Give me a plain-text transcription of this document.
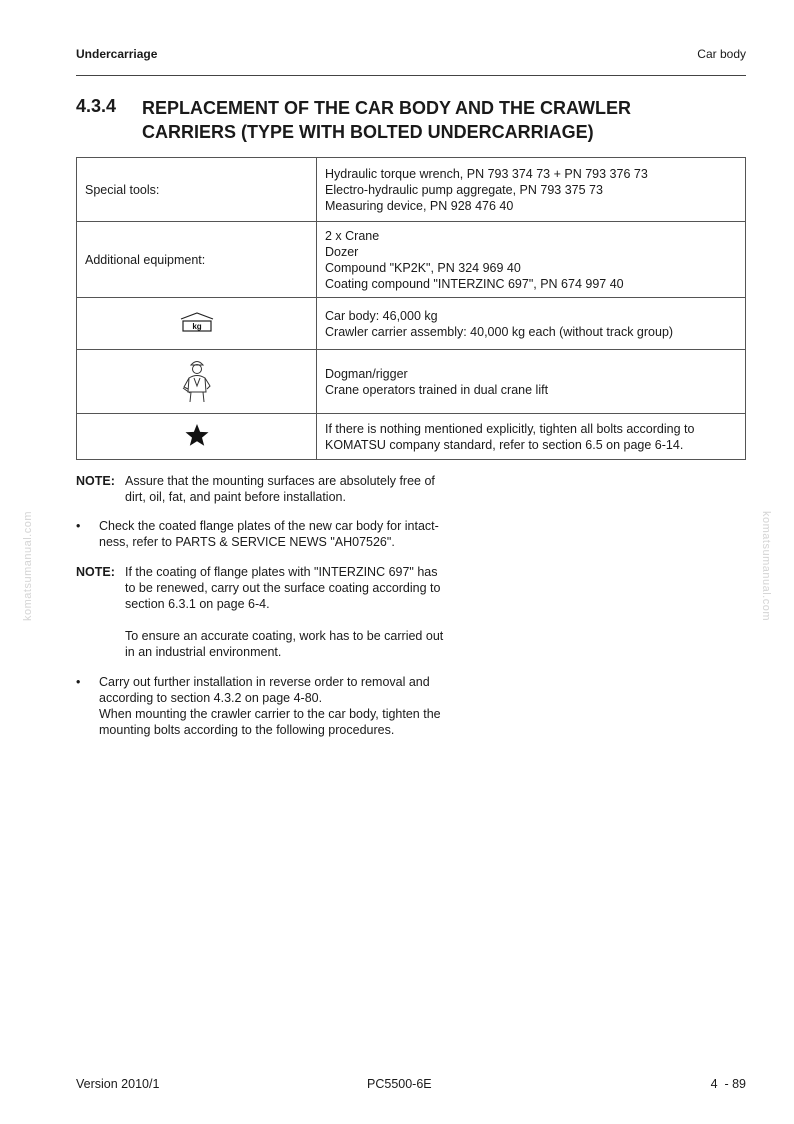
Undercarriage	Car body
4.3.4 REPLACEMENT OF THE CAR BODY AND THE CRAWLER
CARRIERS (TYPE WITH BOLTED UNDERCARRIAGE)
Special tools:	Hydraulic torque wrench, PN 793 374 73 + PN 793 376 73
Electro-hydraulic pump aggregate, PN 793 375 73
Measuring device, PN 928 476 40

Additional equipment:	2 x Crane
Dozer
Compound "KP2K", PN 324 969 40
Coating compound "INTERZINC 697", PN 674 997 40

kg	Car body: 46,000 kg
Crawler carrier assembly: 40,000 kg each (without track group)

Dogman/rigger
Crane operators trained in dual crane lift

If there is nothing mentioned explicitly, tighten all bolts according to
KOMATSU company standard, refer to section 6.5 on page 6-14.
NOTE: Assure that the mounting surfaces are absolutely free of
dirt, oil, fat, and paint before installation.
• Check the coated flange plates of the new car body for intact-
ness, refer to PARTS & SERVICE NEWS "AH07526".
NOTE: If the coating of flange plates with "INTERZINC 697" has
to be renewed, carry out the surface coating according to
section 6.3.1 on page 6-4.
To ensure an accurate coating, work has to be carried out
in an industrial environment.
• Carry out further installation in reverse order to removal and
according to section 4.3.2 on page 4-80.
When mounting the crawler carrier to the car body, tighten the
mounting bolts according to the following procedures.
komatsumanual.com	komatsumanual.com
Version 2010/1	PC5500-6E	4  - 89
